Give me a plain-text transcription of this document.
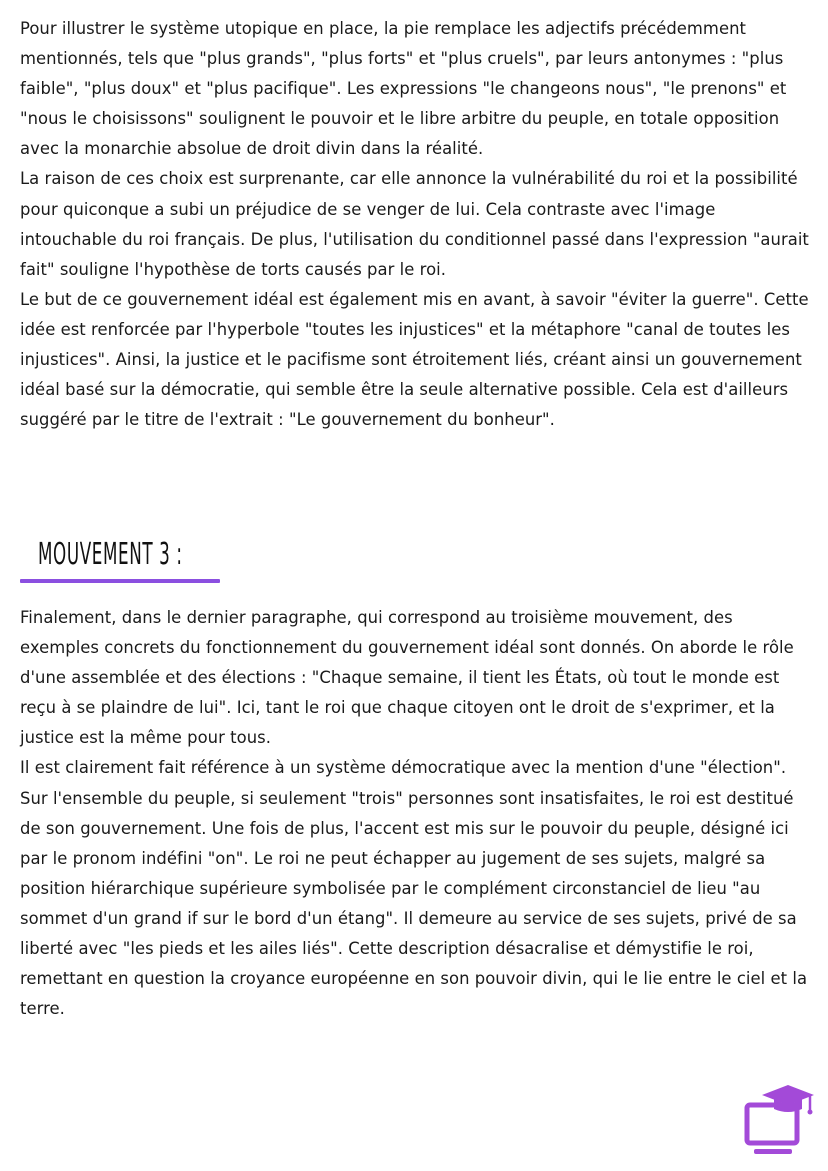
Pour illustrer le système utopique en place, la pie remplace les adjectifs précédemment mentionnés, tels que "plus grands", "plus forts" et "plus cruels", par leurs antonymes : "plus faible", "plus doux" et "plus pacifique". Les expressions "le changeons nous", "le prenons" et "nous le choisissons" soulignent le pouvoir et le libre arbitre du peuple, en totale opposition avec la monarchie absolue de droit divin dans la réalité.

La raison de ces choix est surprenante, car elle annonce la vulnérabilité du roi et la possibilité pour quiconque a subi un préjudice de se venger de lui. Cela contraste avec l'image intouchable du roi français. De plus, l'utilisation du conditionnel passé dans l'expression "aurait fait" souligne l'hypothèse de torts causés par le roi.

Le but de ce gouvernement idéal est également mis en avant, à savoir "éviter la guerre". Cette idée est renforcée par l'hyperbole "toutes les injustices" et la métaphore "canal de toutes les injustices". Ainsi, la justice et le pacifisme sont étroitement liés, créant ainsi un gouvernement idéal basé sur la démocratie, qui semble être la seule alternative possible. Cela est d'ailleurs suggéré par le titre de l'extrait : "Le gouvernement du bonheur".

MOUVEMENT 3 :

Finalement, dans le dernier paragraphe, qui correspond au troisième mouvement, des exemples concrets du fonctionnement du gouvernement idéal sont donnés. On aborde le rôle d'une assemblée et des élections : "Chaque semaine, il tient les États, où tout le monde est reçu à se plaindre de lui". Ici, tant le roi que chaque citoyen ont le droit de s'exprimer, et la justice est la même pour tous.

Il est clairement fait référence à un système démocratique avec la mention d'une "élection". Sur l'ensemble du peuple, si seulement "trois" personnes sont insatisfaites, le roi est destitué de son gouvernement. Une fois de plus, l'accent est mis sur le pouvoir du peuple, désigné ici par le pronom indéfini "on". Le roi ne peut échapper au jugement de ses sujets, malgré sa position hiérarchique supérieure symbolisée par le complément circonstanciel de lieu "au sommet d'un grand if sur le bord d'un étang". Il demeure au service de ses sujets, privé de sa liberté avec "les pieds et les ailes liés". Cette description désacralise et démystifie le roi, remettant en question la croyance européenne en son pouvoir divin, qui le lie entre le ciel et la terre.
